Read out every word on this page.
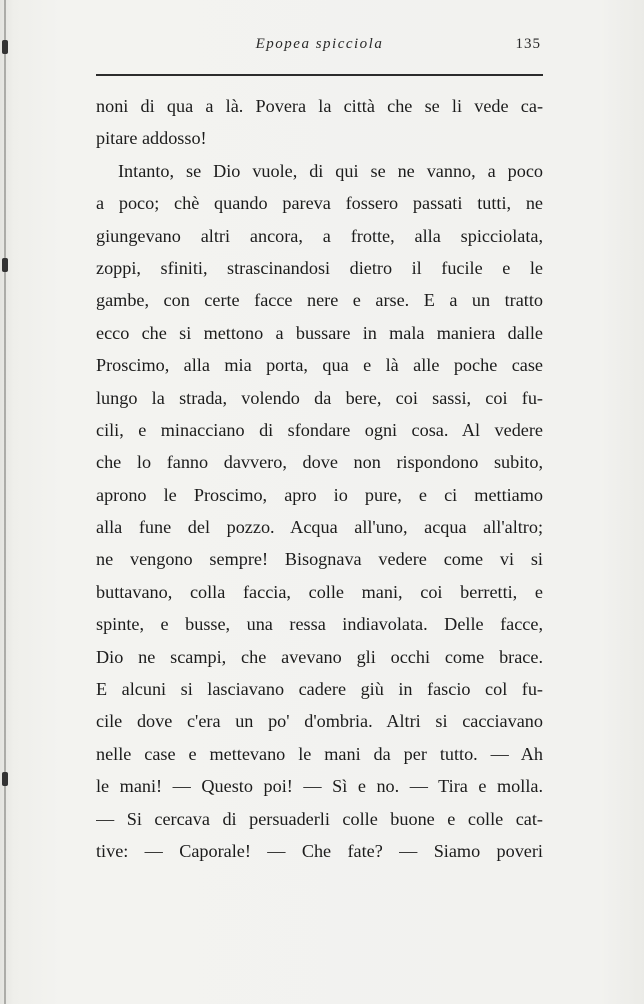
Epopea spicciola	135
noni di qua a là. Povera la città che se li vede ca-
pitare addosso!
Intanto, se Dio vuole, di qui se ne vanno, a poco
a poco; chè quando pareva fossero passati tutti, ne
giungevano altri ancora, a frotte, alla spicciolata,
zoppi, sfiniti, strascinandosi dietro il fucile e le
gambe, con certe facce nere e arse. E a un tratto
ecco che si mettono a bussare in mala maniera dalle
Proscimo, alla mia porta, qua e là alle poche case
lungo la strada, volendo da bere, coi sassi, coi fu-
cili, e minacciano di sfondare ogni cosa. Al vedere
che lo fanno davvero, dove non rispondono subito,
aprono le Proscimo, apro io pure, e ci mettiamo
alla fune del pozzo. Acqua all'uno, acqua all'altro;
ne vengono sempre! Bisognava vedere come vi si
buttavano, colla faccia, colle mani, coi berretti, e
spinte, e busse, una ressa indiavolata. Delle facce,
Dio ne scampi, che avevano gli occhi come brace.
E alcuni si lasciavano cadere giù in fascio col fu-
cile dove c'era un po' d'ombria. Altri si cacciavano
nelle case e mettevano le mani da per tutto. — Ah
le mani! — Questo poi! — Sì e no. — Tira e molla.
— Si cercava di persuaderli colle buone e colle cat-
tive: — Caporale! — Che fate? — Siamo poveri
